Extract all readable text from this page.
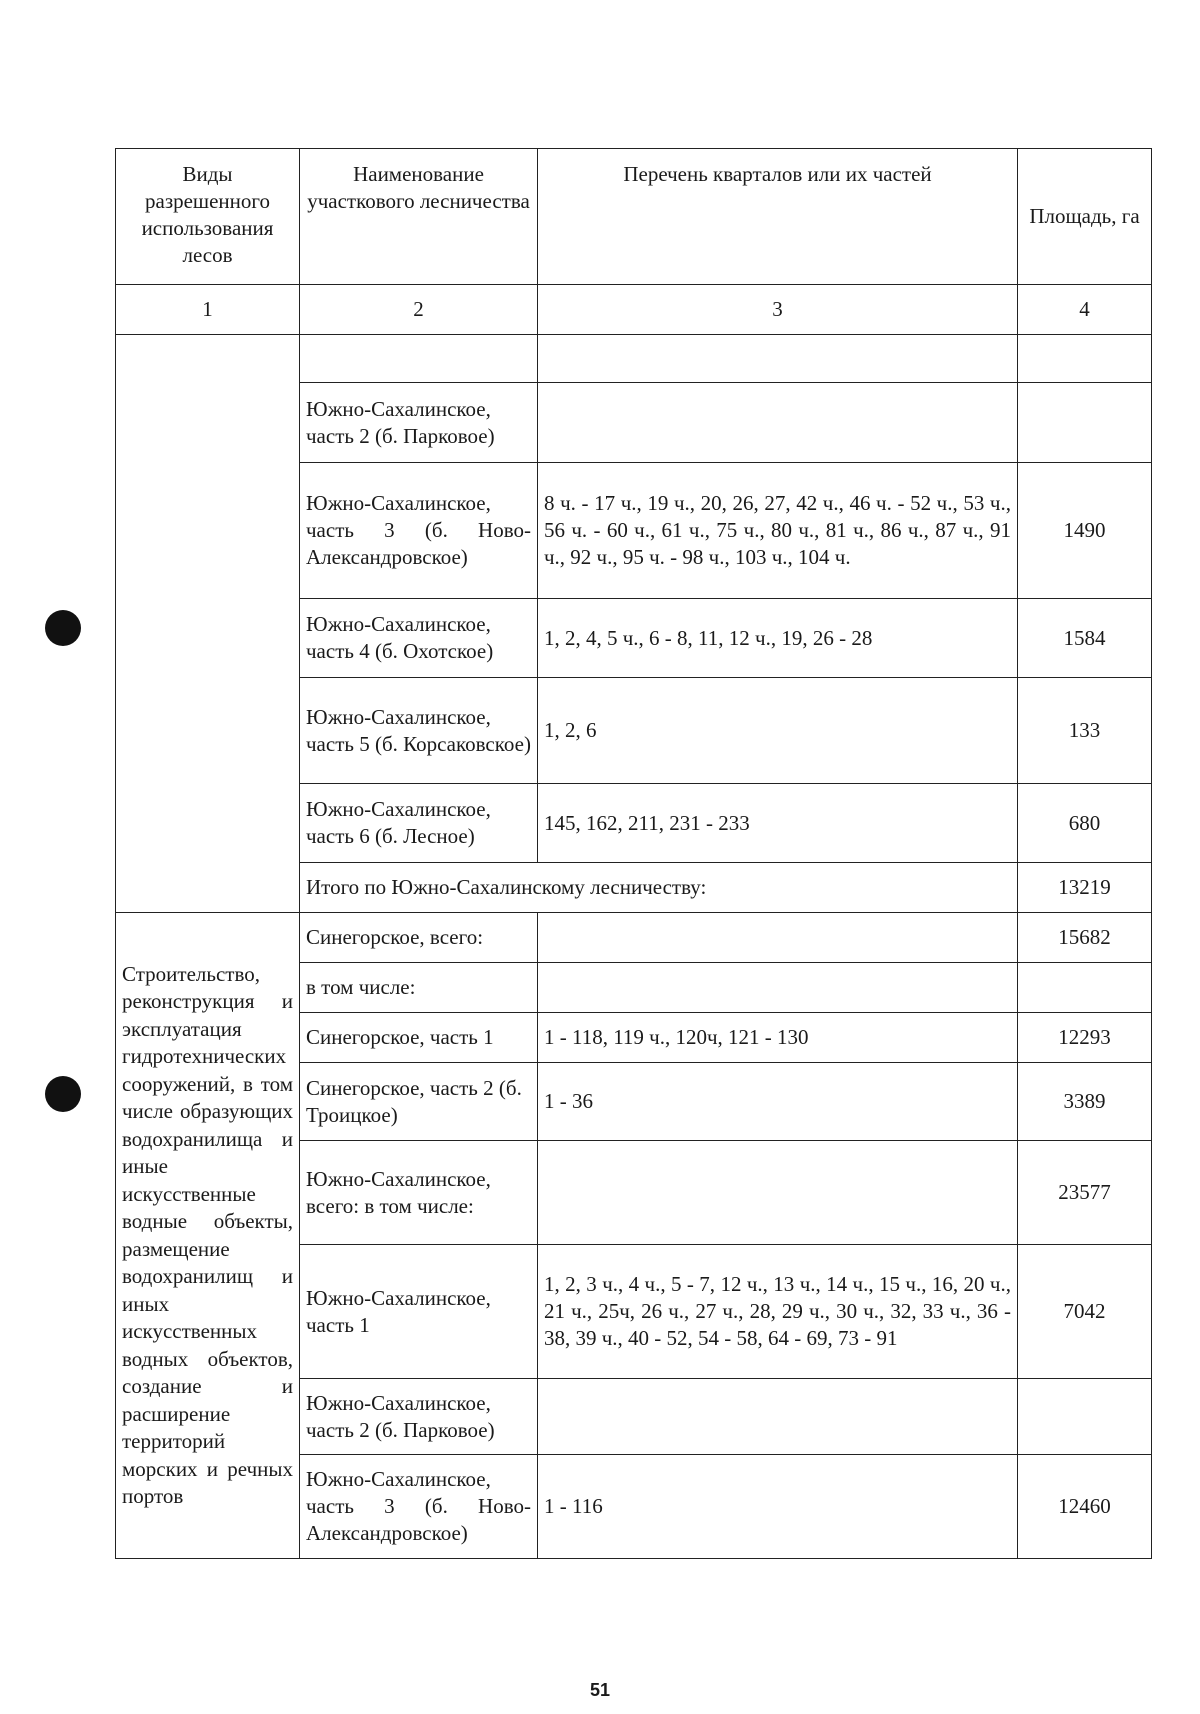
Виды разрешенного использования лесов	Наименование участкового лесничества	Перечень кварталов или их частей	Площадь, га
1	2	3	4

	Южно-Сахалинское, часть 2 (б. Парковое)		
	Южно-Сахалинское, часть 3 (б. Ново-Александровское)	8 ч. - 17 ч., 19 ч., 20, 26, 27, 42 ч., 46 ч. - 52 ч., 53 ч., 56 ч. - 60 ч., 61 ч., 75 ч., 80 ч., 81 ч., 86 ч., 87 ч., 91 ч., 92 ч., 95 ч. - 98 ч., 103 ч., 104 ч.	1490
	Южно-Сахалинское, часть 4 (б. Охотское)	1, 2, 4, 5 ч., 6 - 8, 11, 12 ч., 19, 26 - 28	1584
	Южно-Сахалинское, часть 5 (б. Корсаковское)	1, 2, 6	133
	Южно-Сахалинское, часть 6 (б. Лесное)	145, 162, 211, 231 - 233	680
	Итого по Южно-Сахалинскому лесничеству:		13219
Строительство, реконструкция и эксплуатация гидротехнических сооружений, в том числе образующих водохранилища и иные искусственные водные объекты, размещение водохранилищ и иных искусственных водных объектов, создание и расширение территорий морских и речных портов	Синегорское, всего:		15682
	в том числе:		
	Синегорское, часть 1	1 - 118, 119 ч., 120ч, 121 - 130	12293
	Синегорское, часть 2 (б. Троицкое)	1 - 36	3389
	Южно-Сахалинское, всего: в том числе:		23577
	Южно-Сахалинское, часть 1	1, 2, 3 ч., 4 ч., 5 - 7, 12 ч., 13 ч., 14 ч., 15 ч., 16, 20 ч., 21 ч., 25ч, 26 ч., 27 ч., 28, 29 ч., 30 ч., 32, 33 ч., 36 - 38, 39 ч., 40 - 52, 54 - 58, 64 - 69, 73 - 91	7042
	Южно-Сахалинское, часть 2 (б. Парковое)		
	Южно-Сахалинское, часть 3 (б. Ново-Александровское)	1 - 116	12460
51
